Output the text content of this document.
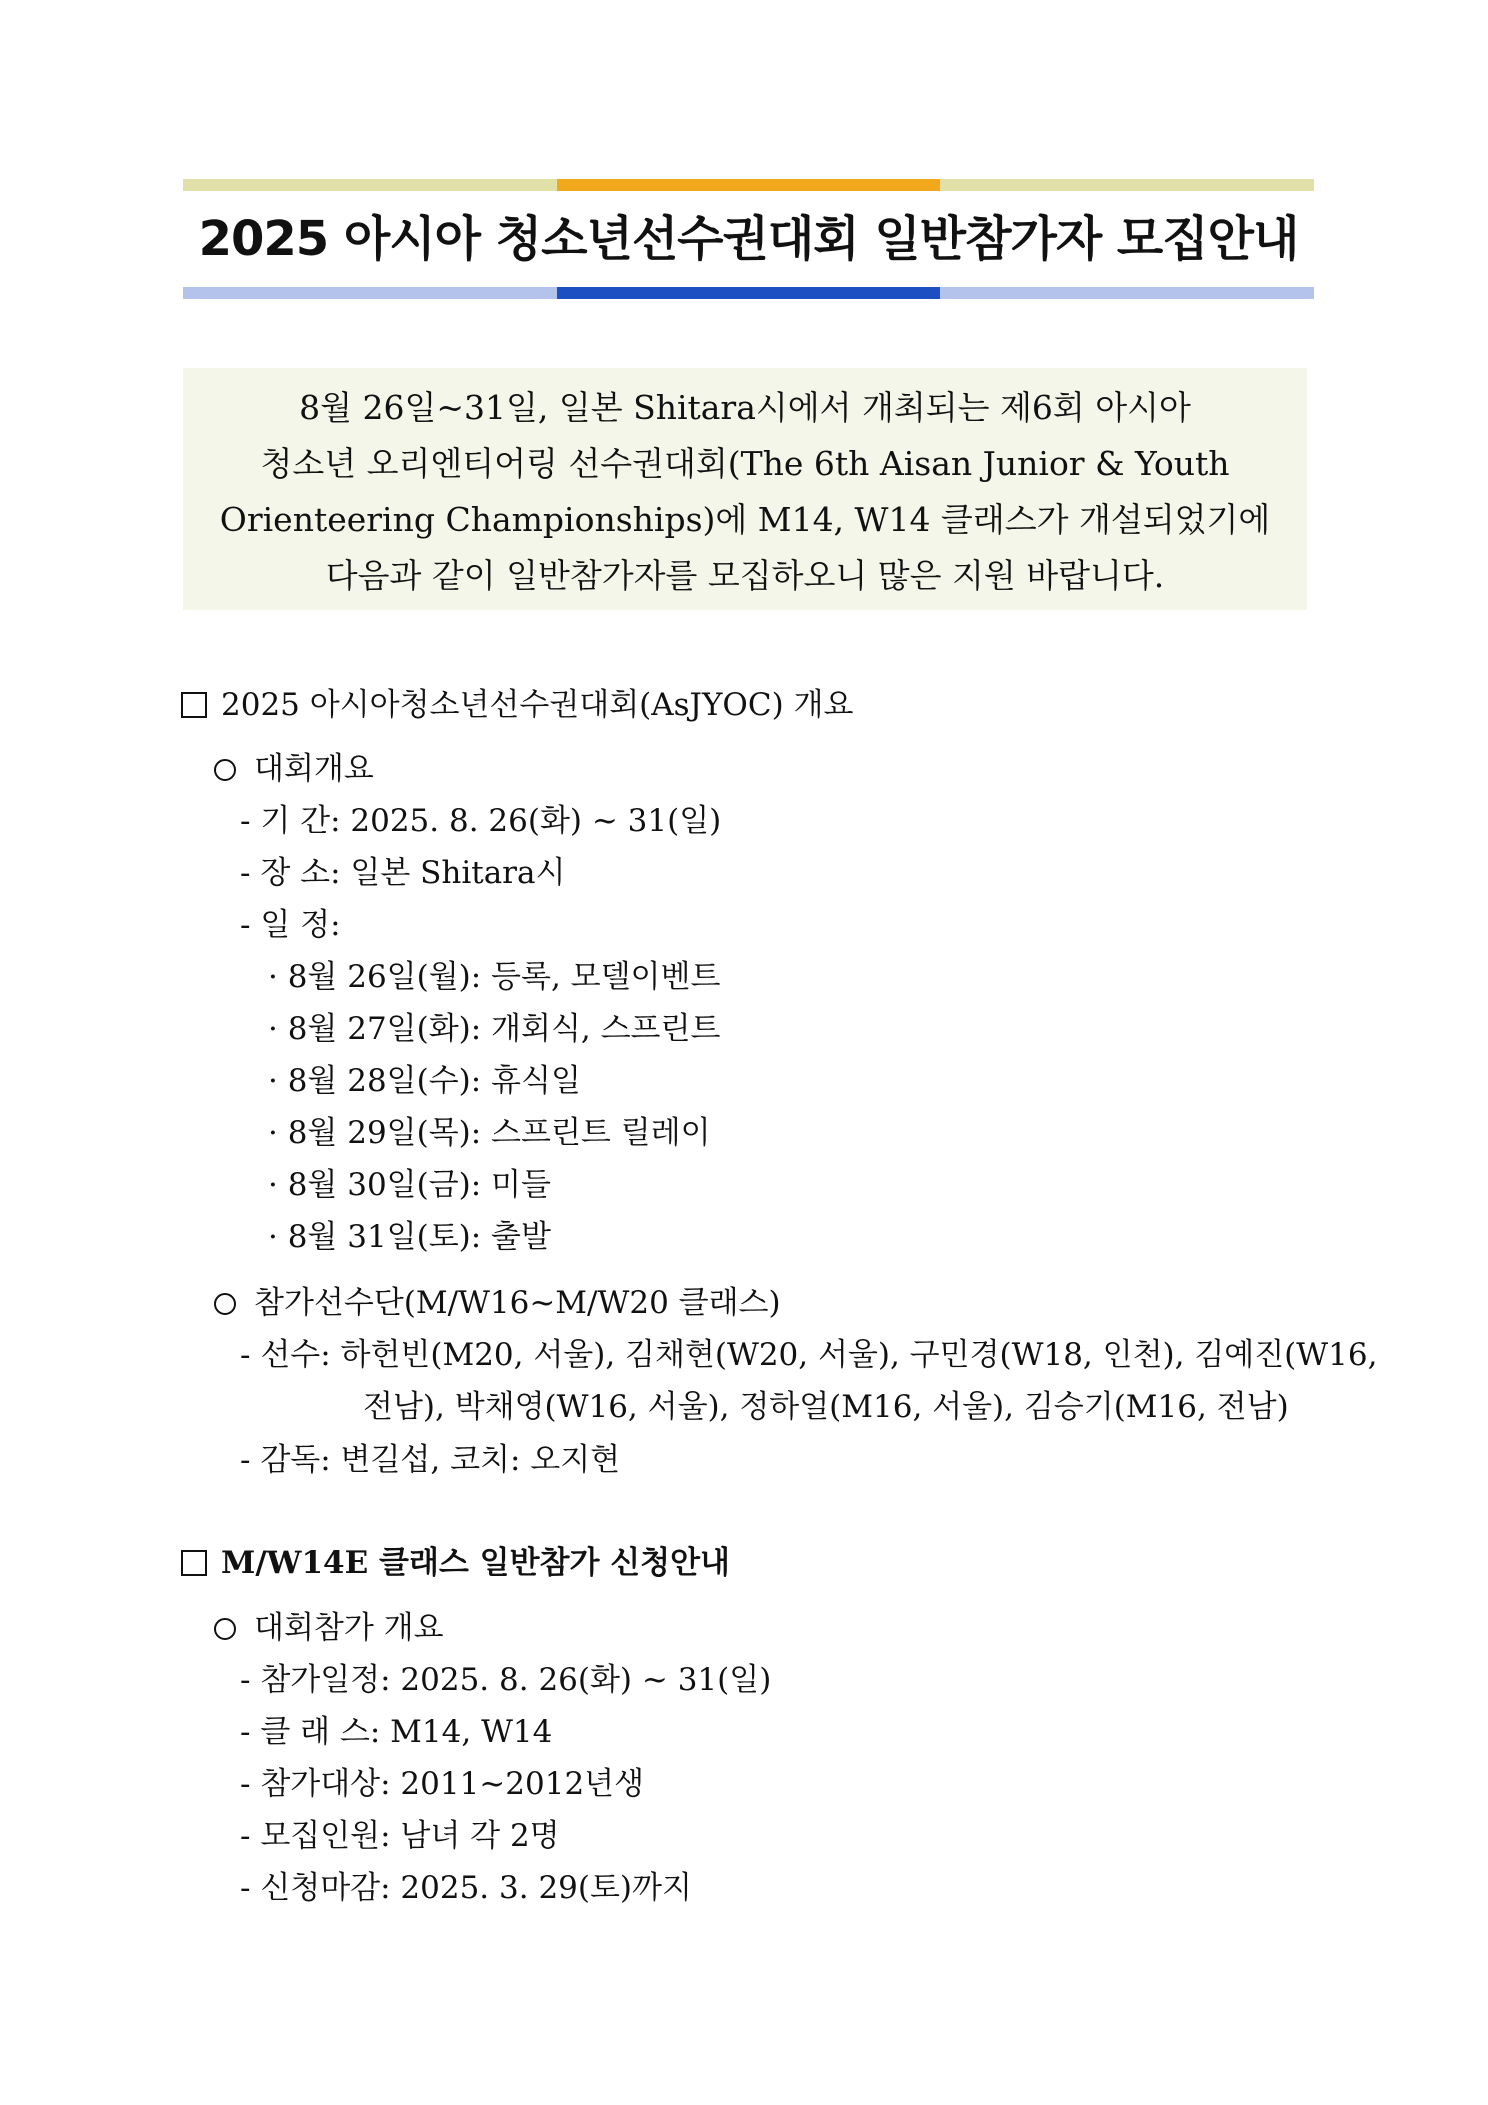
2025 아시아 청소년선수권대회 일반참가자 모집안내

8월 26일~31일, 일본 Shitara시에서 개최되는 제6회 아시아

청소년 오리엔티어링 선수권대회(The 6th Aisan Junior & Youth

Orienteering Championships)에 M14, W14 클래스가 개설되었기에

다음과 같이 일반참가자를 모집하오니 많은 지원 바랍니다.

2025 아시아청소년선수권대회(AsJYOC) 개요
대회개요
- 기 간: 2025. 8. 26(화) ~ 31(일)
- 장 소: 일본 Shitara시
- 일 정:
· 8월 26일(월): 등록, 모델이벤트
· 8월 27일(화): 개회식, 스프린트
· 8월 28일(수): 휴식일
· 8월 29일(목): 스프린트 릴레이
· 8월 30일(금): 미들
· 8월 31일(토): 출발
참가선수단(M/W16~M/W20 클래스)
- 선수: 하헌빈(M20, 서울), 김채현(W20, 서울), 구민경(W18, 인천), 김예진(W16,
전남), 박채영(W16, 서울), 정하얼(M16, 서울), 김승기(M16, 전남)
- 감독: 변길섭, 코치: 오지현
M/W14E 클래스 일반참가 신청안내
대회참가 개요
- 참가일정: 2025. 8. 26(화) ~ 31(일)
- 클 래 스: M14, W14
- 참가대상: 2011~2012년생
- 모집인원: 남녀 각 2명
- 신청마감: 2025. 3. 29(토)까지
